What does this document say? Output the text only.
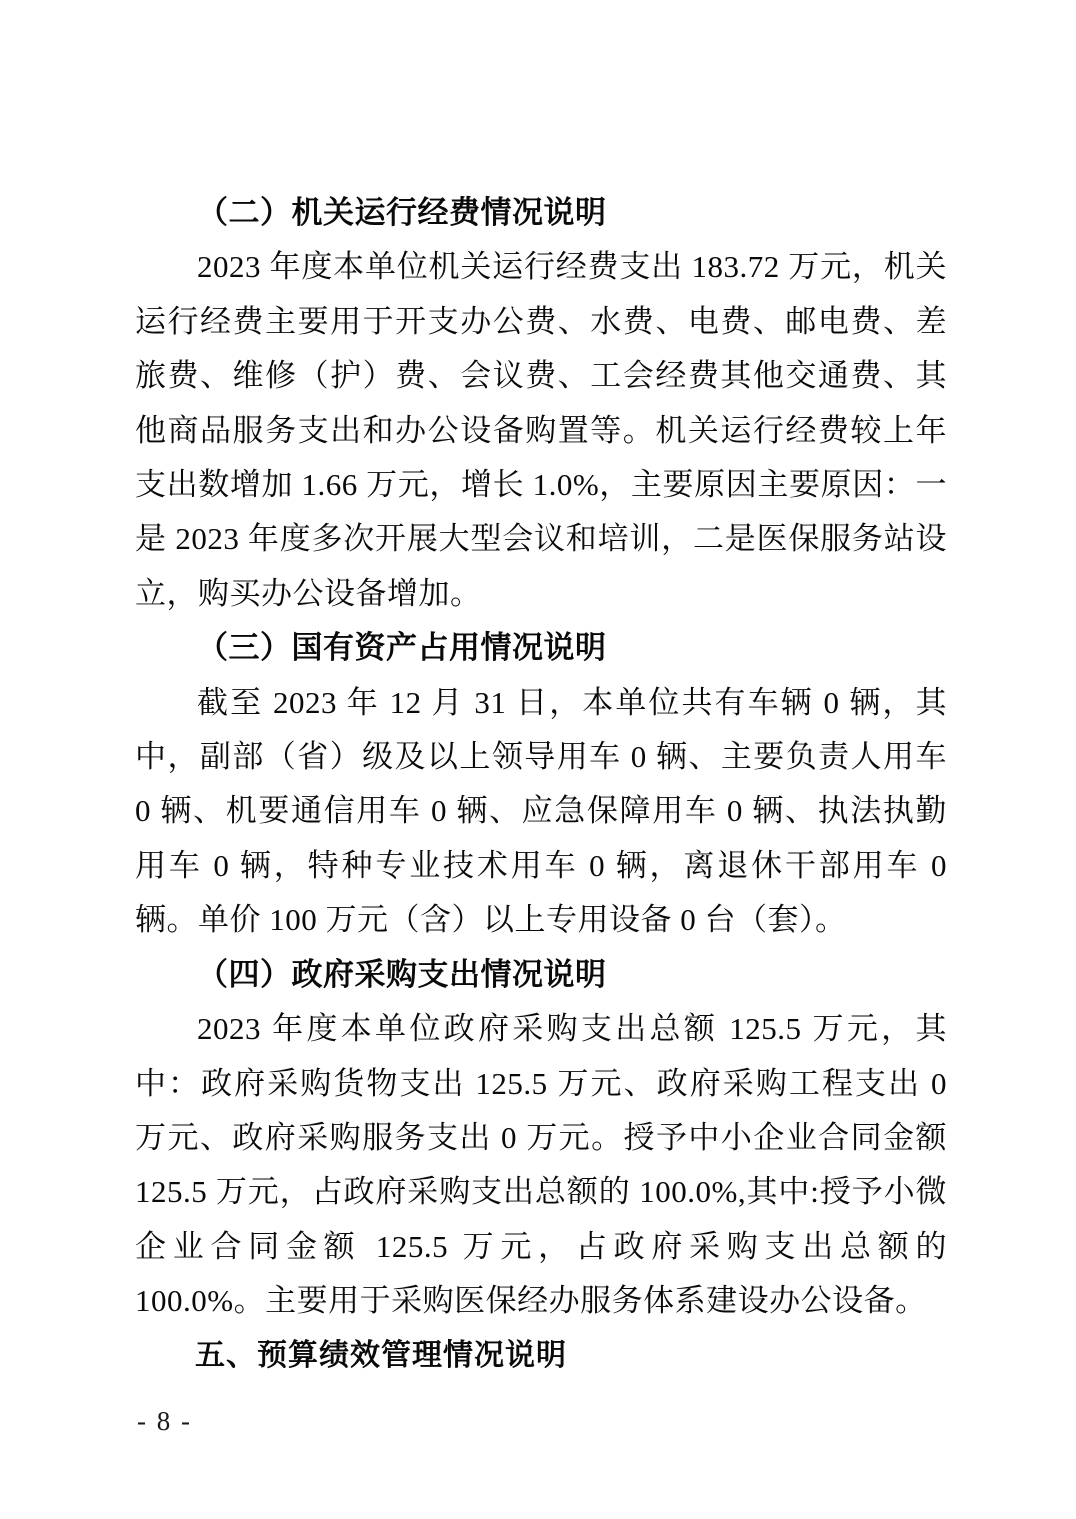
（二）机关运行经费情况说明

2023 年度本单位机关运行经费支出 183.72 万元，机关运行经费主要用于开支办公费、水费、电费、邮电费、差旅费、维修（护）费、会议费、工会经费其他交通费、其他商品服务支出和办公设备购置等。机关运行经费较上年支出数增加 1.66 万元，增长 1.0%，主要原因主要原因：一是 2023 年度多次开展大型会议和培训，二是医保服务站设立，购买办公设备增加。

（三）国有资产占用情况说明

截至 2023 年 12 月 31 日，本单位共有车辆 0 辆，其中，副部（省）级及以上领导用车 0 辆、主要负责人用车 0 辆、机要通信用车 0 辆、应急保障用车 0 辆、执法执勤用车 0 辆，特种专业技术用车 0 辆，离退休干部用车 0 辆。单价 100 万元（含）以上专用设备 0 台（套）。

（四）政府采购支出情况说明

2023 年度本单位政府采购支出总额 125.5 万元，其中：政府采购货物支出 125.5 万元、政府采购工程支出 0 万元、政府采购服务支出 0 万元。授予中小企业合同金额 125.5 万元，占政府采购支出总额的 100.0%,其中:授予小微企业合同金额 125.5 万元，占政府采购支出总额的 100.0%。主要用于采购医保经办服务体系建设办公设备。

五、预算绩效管理情况说明
- 8 -
